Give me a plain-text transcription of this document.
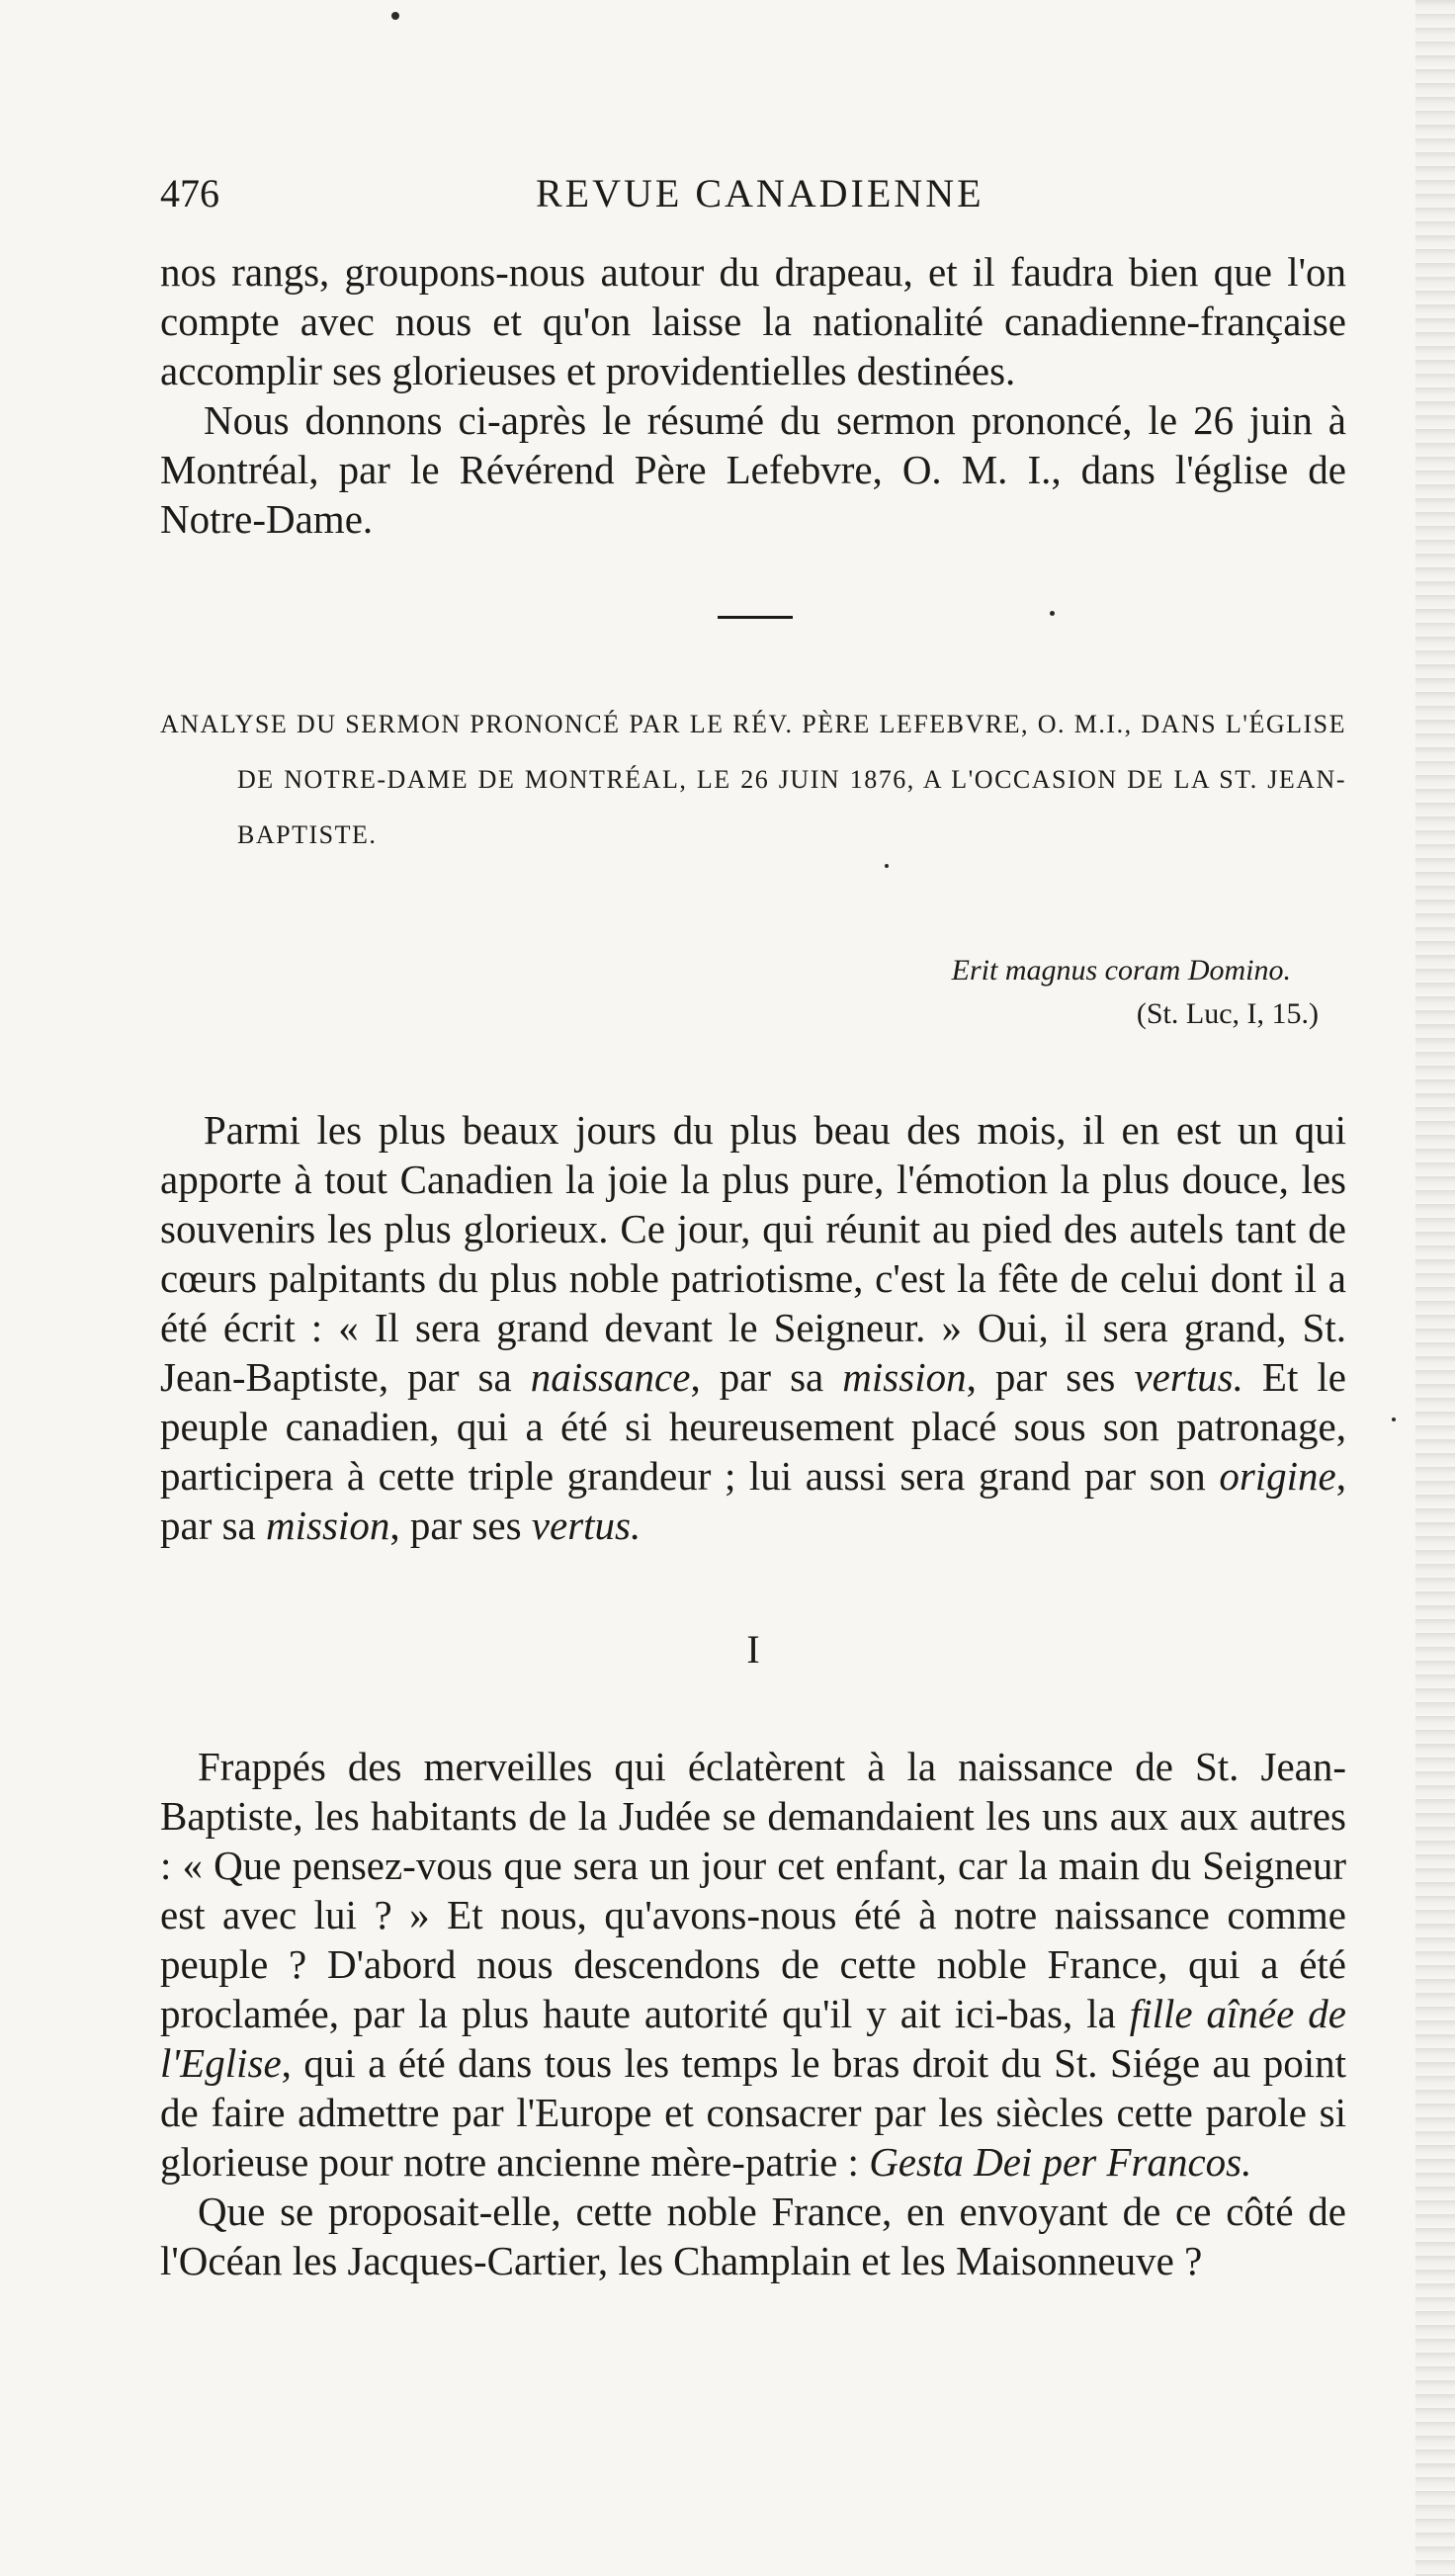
476	REVUE CANADIENNE
nos rangs, groupons-nous autour du drapeau, et il faudra bien que l'on compte avec nous et qu'on laisse la nationalité canadienne-française accomplir ses glorieuses et providentielles destinées.
Nous donnons ci-après le résumé du sermon prononcé, le 26 juin à Montréal, par le Révérend Père Lefebvre, O. M. I., dans l'église de Notre-Dame.
ANALYSE DU SERMON PRONONCÉ PAR LE RÉV. PÈRE LEFEBVRE, O. M.I., DANS L'ÉGLISE DE NOTRE-DAME DE MONTRÉAL, LE 26 JUIN 1876, A L'OCCASION DE LA ST. JEAN-BAPTISTE.
Erit magnus coram Domino.
(St. Luc, I, 15.)
Parmi les plus beaux jours du plus beau des mois, il en est un qui apporte à tout Canadien la joie la plus pure, l'émotion la plus douce, les souvenirs les plus glorieux. Ce jour, qui réunit au pied des autels tant de cœurs palpitants du plus noble patriotisme, c'est la fête de celui dont il a été écrit : « Il sera grand devant le Seigneur. » Oui, il sera grand, St. Jean-Baptiste, par sa naissance, par sa mission, par ses vertus. Et le peuple canadien, qui a été si heureusement placé sous son patronage, participera à cette triple grandeur ; lui aussi sera grand par son origine, par sa mission, par ses vertus.
I
Frappés des merveilles qui éclatèrent à la naissance de St. Jean-Baptiste, les habitants de la Judée se demandaient les uns aux aux autres : « Que pensez-vous que sera un jour cet enfant, car la main du Seigneur est avec lui ? » Et nous, qu'avons-nous été à notre naissance comme peuple ? D'abord nous descendons de cette noble France, qui a été proclamée, par la plus haute autorité qu'il y ait ici-bas, la fille aînée de l'Eglise, qui a été dans tous les temps le bras droit du St. Siége au point de faire admettre par l'Europe et consacrer par les siècles cette parole si glorieuse pour notre ancienne mère-patrie : Gesta Dei per Francos.
Que se proposait-elle, cette noble France, en envoyant de ce côté de l'Océan les Jacques-Cartier, les Champlain et les Maisonneuve ?
